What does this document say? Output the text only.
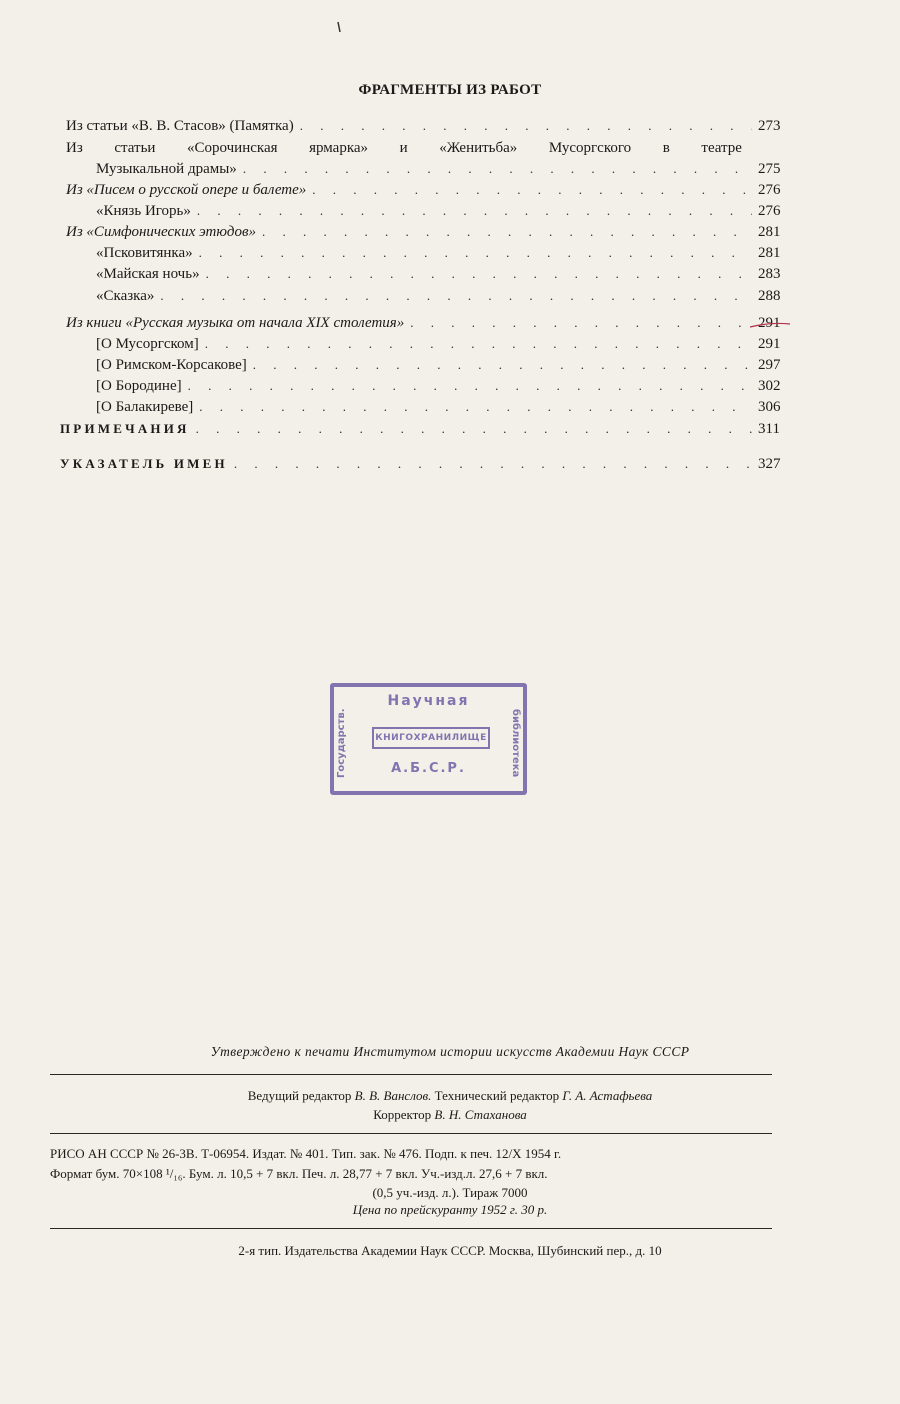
ФРАГМЕНТЫ ИЗ РАБОТ
Из статьи «В. В. Стасов» (Памятка) . . .	273
Из статьи «Сорочинская ярмарка» и «Женитьба» Мусоргского в театре
Музыкальной драмы» . . .	275
Из «Писем о русской опере и балете» . . .	276
«Князь Игорь» . . .	276
Из «Симфонических этюдов» . . .	281
«Псковитянка» . . .	281
«Майская ночь» . . .	283
«Сказка» . . .	288
Из книги «Русская музыка от начала XIX столетия» . . .	291
[О Мусоргском] . . .	291
[О Римском-Корсакове] . . .	297
[О Бородине] . . .	302
[О Балакиреве] . . .	306
ПРИМЕЧАНИЯ . . .	311
УКАЗАТЕЛЬ ИМЕН . . .	327
Научная
КНИГОХРАНИЛИЩЕ
А.Б.С.Р.
Государств.	библиотека
Утверждено к печати Институтом истории искусств Академии Наук СССР
Ведущий редактор В. В. Ванслов. Технический редактор Г. А. Астафьева
Корректор В. Н. Стаханова
РИСО АН СССР № 26-3В. Т-06954. Издат. № 401. Тип. зак. № 476. Подп. к печ. 12/X 1954 г.
Формат бум. 70×108 ¹/₁₆. Бум. л. 10,5 + 7 вкл. Печ. л. 28,77 + 7 вкл. Уч.-изд.л. 27,6 + 7 вкл.
(0,5 уч.-изд. л.). Тираж 7000
Цена по прейскуранту 1952 г. 30 р.
2-я тип. Издательства Академии Наук СССР. Москва, Шубинский пер., д. 10
